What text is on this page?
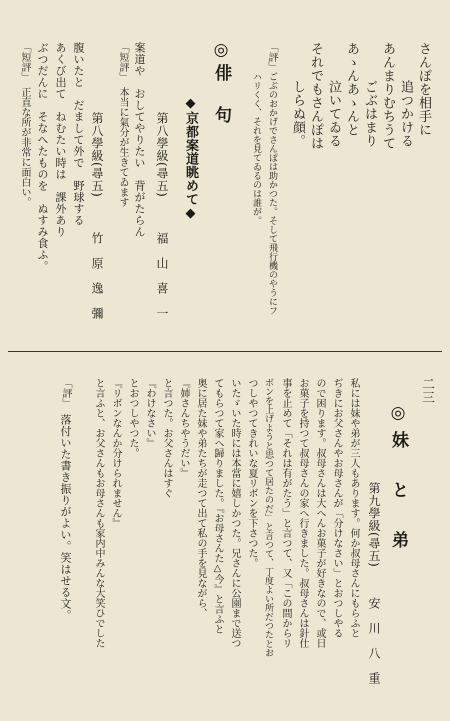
二三
さんぽを相手に
追つかける
あんまりむちうて
ごぶはまり
あゝんあゝんと
泣いてゐる
それでもさんぽは
しらぬ顔。
「評」
ごぶのおかげでさんぽは助かつた。そして飛行機のやうにフ
ハリくく、それを見てゐるのは誰が。
◎俳　句
◆京都案道眺めて◆
第八學級(尋五)
福　山　喜　一
案道や　おしてやりたい　背がたらん
「短評」　本当に氣分が生きてゐます
第八學級(尋五)
竹　原　逸　彌
腹いたと　だまして外で　野球する
あくび出て　ねむたい時は　課外あり
ぶつだんに　そなへたものを　ぬすみ食ふ。
「短評」　正直な所が非常に面白い。
◎妹　と　弟
第九學級(尋五)
安　川　八　重
私には妹や弟が三人もあります。何か叔母さんにもらふと
ぢきにお父さんやお母さんが「分けなさい」とおつしやる
ので困ります。叔母さんは大へんお菓子が好きなので、或日
お菓子を持つて叔母さんの家へ行きました。叔母さんは針仕
事を止めて「それは有がたう」と言つて、又「この間からリ
ボンを上げようと思つて居たのだ」と言つて、丁度よい所だつたとお
つしやつてきれいな夏リボンを下さつた。
いたゞいた時には本當に嬉しかつた。兄さんに公園まで送つ
てもらつて家へ歸りました。『お母さんた△今』と言ふと
奥に居た妹や弟たちが走つて出て私の手を見ながら、
『姉さんちやうだい』
と言つた。お父さんはすぐ
『わけなさい』
とおつしやつた。
『リボンなんか分けられません』
と言ふと、お父さんもお母さんも家内中みんな大笑ひでした
「評」
落付いた書き振りがよい。笑はせる文。
